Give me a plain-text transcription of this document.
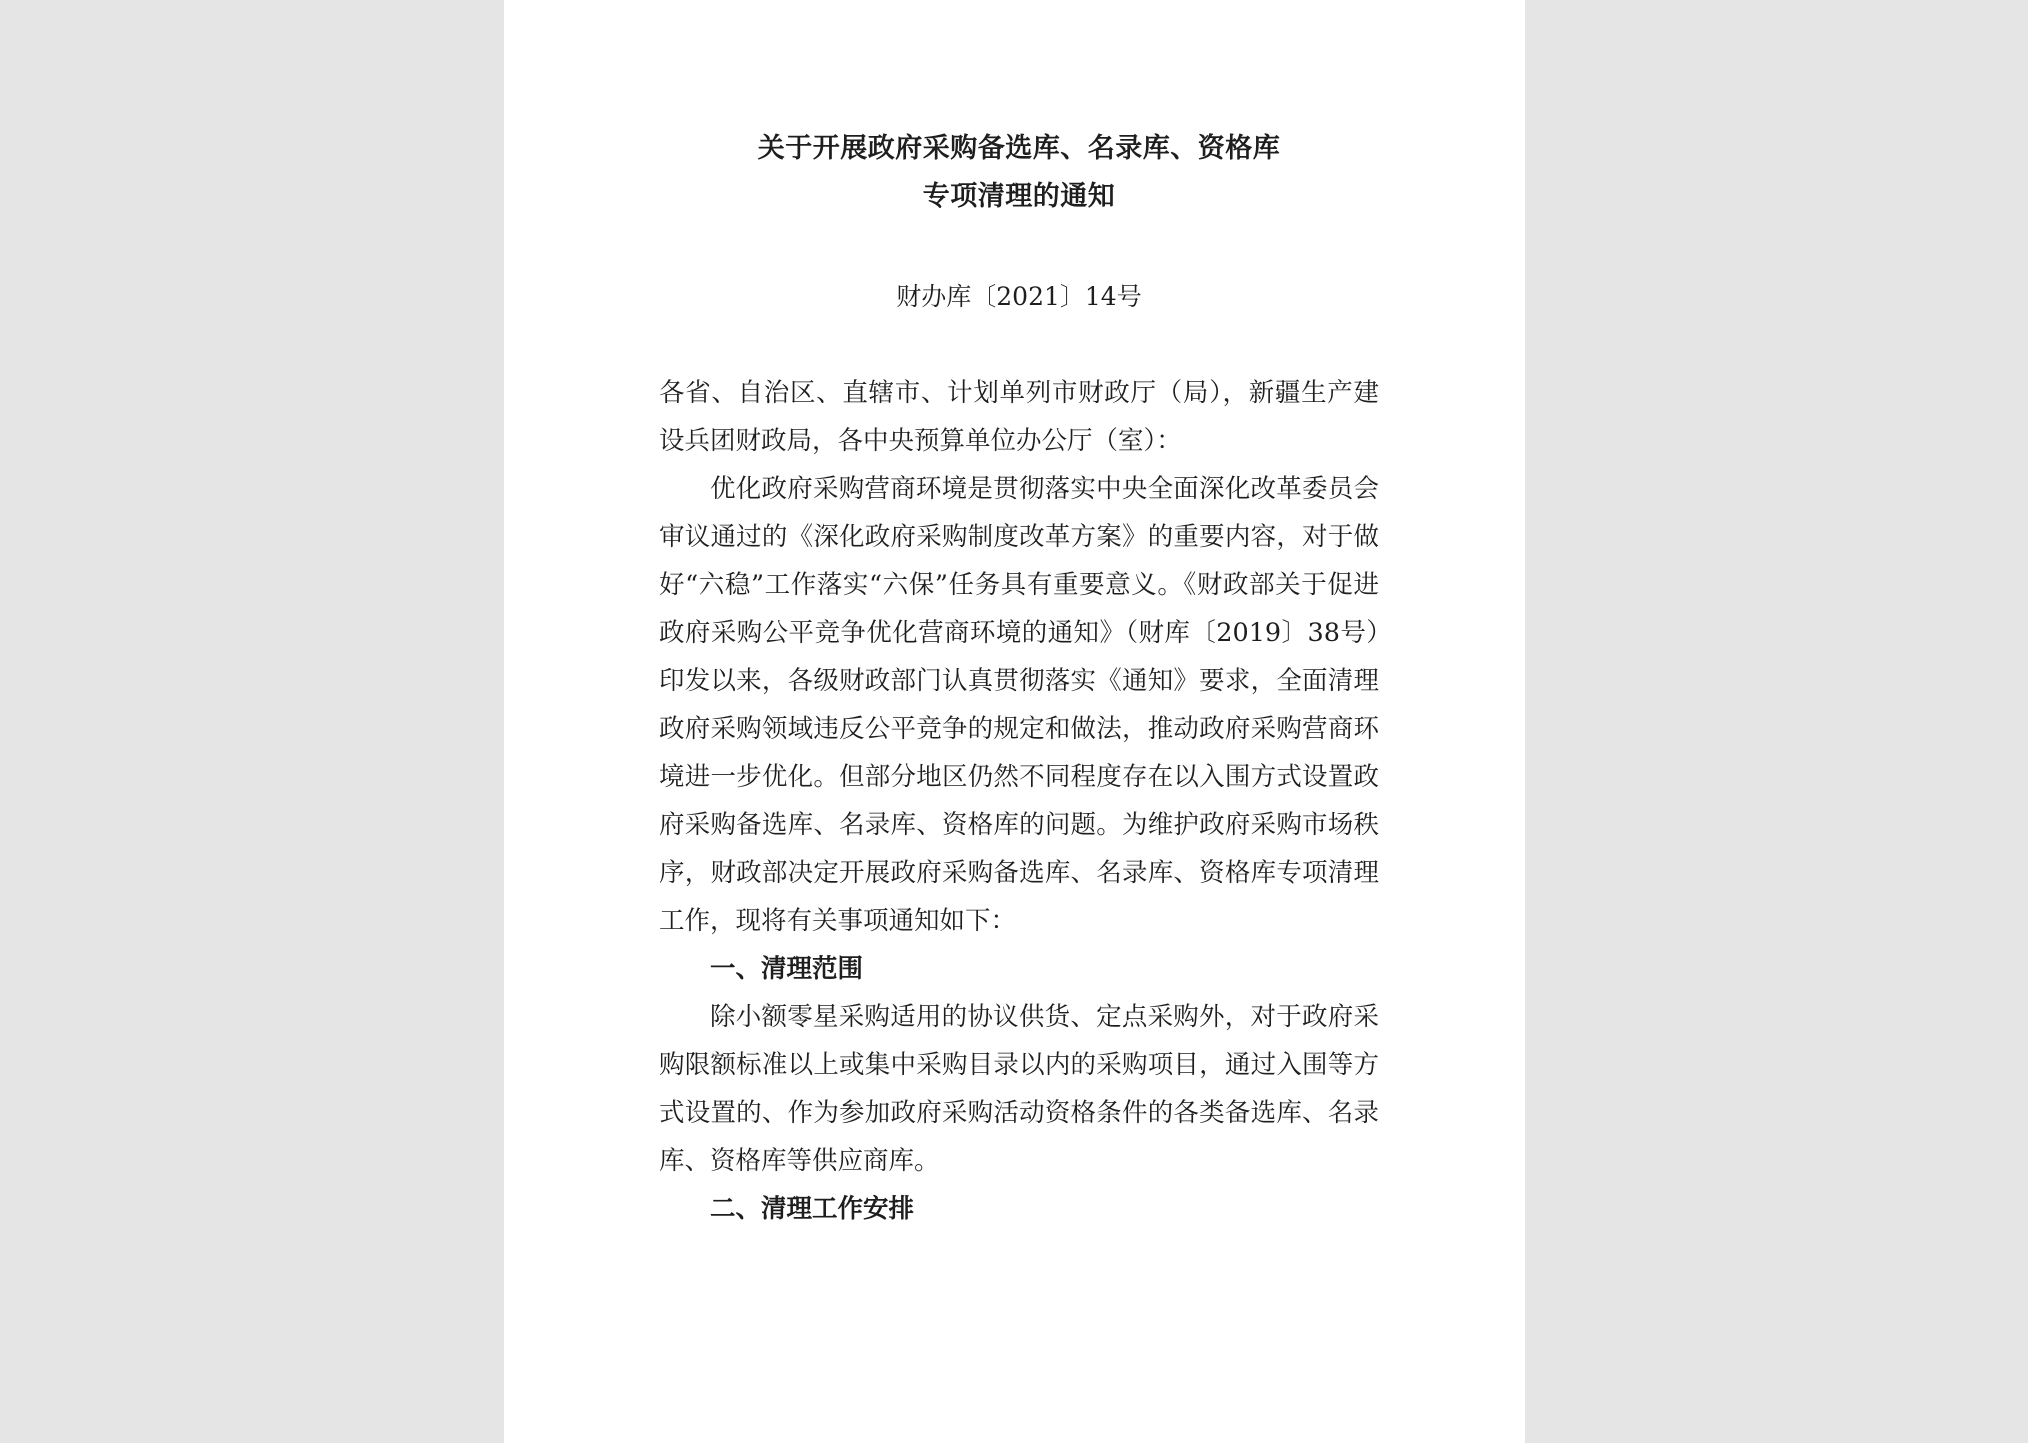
关于开展政府采购备选库、名录库、资格库
专项清理的通知
财办库〔2021〕14号
各省、自治区、直辖市、计划单列市财政厅（局），新疆生产建设兵团财政局，各中央预算单位办公厅（室）：
优化政府采购营商环境是贯彻落实中央全面深化改革委员会审议通过的《深化政府采购制度改革方案》的重要内容，对于做好“六稳”工作落实“六保”任务具有重要意义。《财政部关于促进政府采购公平竞争优化营商环境的通知》（财库〔2019〕38号）印发以来，各级财政部门认真贯彻落实《通知》要求，全面清理政府采购领域违反公平竞争的规定和做法，推动政府采购营商环境进一步优化。但部分地区仍然不同程度存在以入围方式设置政府采购备选库、名录库、资格库的问题。为维护政府采购市场秩序，财政部决定开展政府采购备选库、名录库、资格库专项清理工作，现将有关事项通知如下：
一、清理范围
除小额零星采购适用的协议供货、定点采购外，对于政府采购限额标准以上或集中采购目录以内的采购项目，通过入围等方式设置的、作为参加政府采购活动资格条件的各类备选库、名录库、资格库等供应商库。
二、清理工作安排
